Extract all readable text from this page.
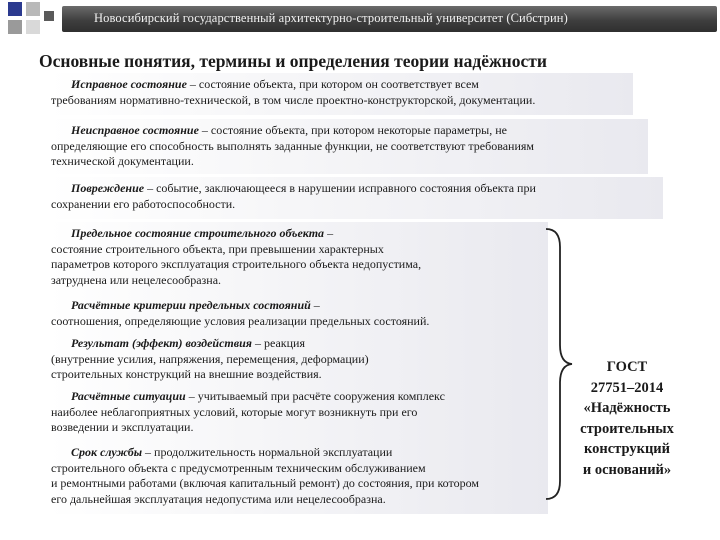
Новосибирский государственный архитектурно-строительный университет (Сибстрин)
Основные понятия, термины и определения теории надёжности
Исправное состояние – состояние объекта, при котором он соответствует всем
требованиям нормативно-технической, в том числе проектно-конструкторской, документации.
Неисправное состояние – состояние объекта, при котором некоторые параметры, не
определяющие его способность выполнять заданные функции, не соответствуют требованиям
технической документации.
Повреждение – событие, заключающееся в нарушении исправного состояния объекта при
сохранении его работоспособности.
Предельное состояние строительного объекта –
состояние строительного объекта, при превышении характерных
параметров которого эксплуатация строительного объекта недопустима,
затруднена или нецелесообразна.
Расчётные критерии предельных состояний –
соотношения, определяющие условия реализации предельных состояний.
Результат (эффект) воздействия – реакция
(внутренние усилия, напряжения, перемещения, деформации)
строительных конструкций на внешние воздействия.
Расчётные ситуации – учитываемый при расчёте сооружения комплекс
наиболее неблагоприятных условий, которые могут возникнуть при его
возведении и эксплуатации.
Срок службы – продолжительность нормальной эксплуатации
строительного объекта с предусмотренным техническим обслуживанием
и ремонтными работами (включая капитальный ремонт) до состояния, при котором
его дальнейшая эксплуатация недопустима или нецелесообразна.
ГОСТ
27751–2014
«Надёжность
строительных
конструкций
и оснований»
